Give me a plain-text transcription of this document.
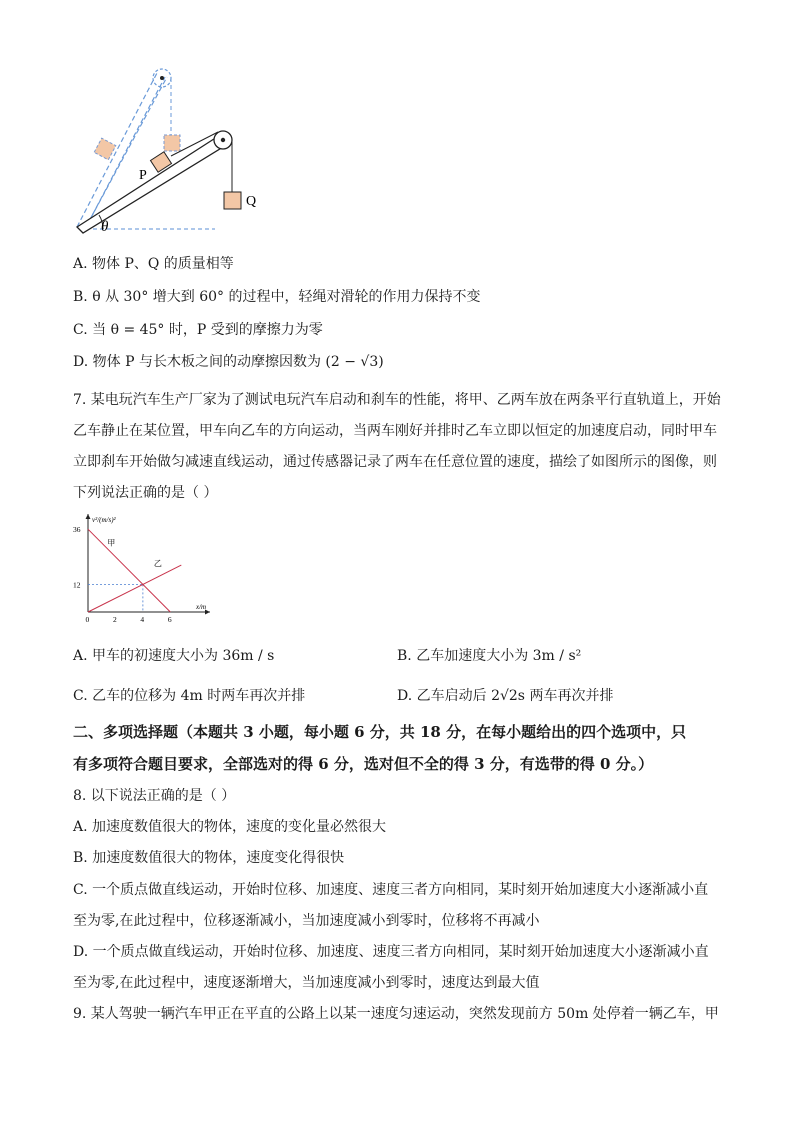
θ
Q
P
A. 物体 P、Q 的质量相等
B. θ 从 30° 增大到 60° 的过程中，轻绳对滑轮的作用力保持不变
C. 当 θ = 45° 时，P 受到的摩擦力为零
D. 物体 P 与长木板之间的动摩擦因数为 (2 − √3)
7. 某电玩汽车生产厂家为了测试电玩汽车启动和刹车的性能，将甲、乙两车放在两条平行直轨道上，开始
乙车静止在某位置，甲车向乙车的方向运动，当两车刚好并排时乙车立即以恒定的加速度启动，同时甲车
立即刹车开始做匀减速直线运动，通过传感器记录了两车在任意位置的速度，描绘了如图所示的图像，则
下列说法正确的是（ ）
v²/(m/s)²
x/m
0	2	4	6
36
12
甲
乙
A. 甲车的初速度大小为 36m / s	B. 乙车加速度大小为 3m / s²
C. 乙车的位移为 4m 时两车再次并排	D. 乙车启动后 2√2s 两车再次并排
二、多项选择题（本题共 3 小题，每小题 6 分，共 18 分，在每小题给出的四个选项中，只
有多项符合题目要求，全部选对的得 6 分，选对但不全的得 3 分，有选带的得 0 分。）
8. 以下说法正确的是（ ）
A. 加速度数值很大的物体，速度的变化量必然很大
B. 加速度数值很大的物体，速度变化得很快
C. 一个质点做直线运动，开始时位移、加速度、速度三者方向相同，某时刻开始加速度大小逐渐减小直
至为零,在此过程中，位移逐渐减小，当加速度减小到零时，位移将不再减小
D. 一个质点做直线运动，开始时位移、加速度、速度三者方向相同，某时刻开始加速度大小逐渐减小直
至为零,在此过程中，速度逐渐增大，当加速度减小到零时，速度达到最大值
9. 某人驾驶一辆汽车甲正在平直的公路上以某一速度匀速运动，突然发现前方 50m 处停着一辆乙车，甲
